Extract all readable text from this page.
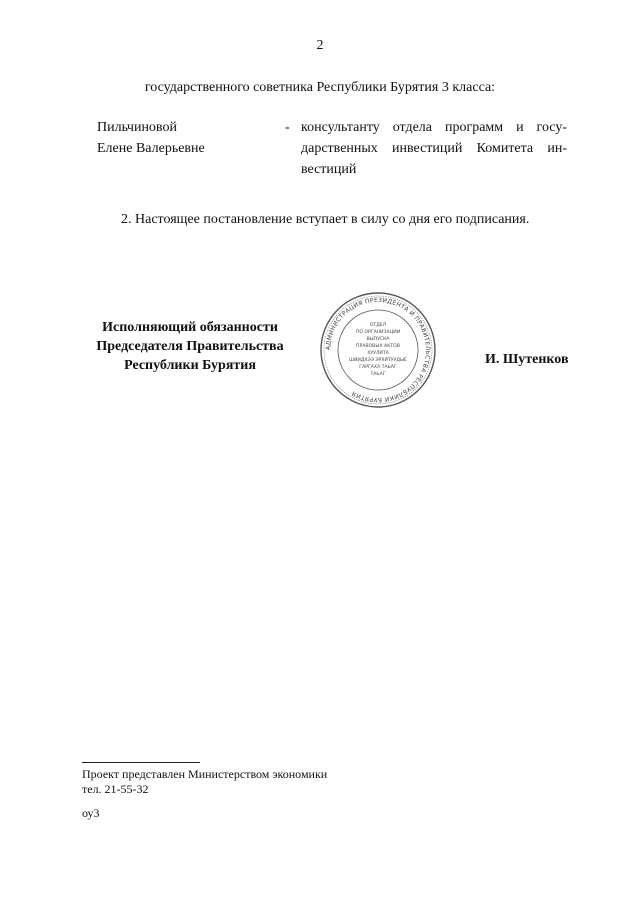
2
государственного советника Республики Бурятия 3 класса:
Пильчиновой
Елене Валерьевне
- консультанту отдела программ и госу-дарственных инвестиций Комитета ин-вестиций
2. Настоящее постановление вступает в силу со дня его подписания.
Исполняющий обязанности
Председателя Правительства
Республики Бурятия
АДМИНИСТРАЦИЯ ПРЕЗИДЕНТА И ПРАВИТЕЛЬСТВА РЕСПУБЛИКИ БУРЯТИЯ
ОТДЕЛ
ПО ОРГАНИЗАЦИИ
ВЫПУСКА
ПРАВОВЫХ АКТОВ
ХУУЛИТА
ШИИДХЭЭ ЭРХИТУУДЫЕ
ГАРГАХА ТАЬАГ
ТАЬАГ
И. Шутенков
Проект представлен Министерством экономики
тел. 21-55-32
оу3
